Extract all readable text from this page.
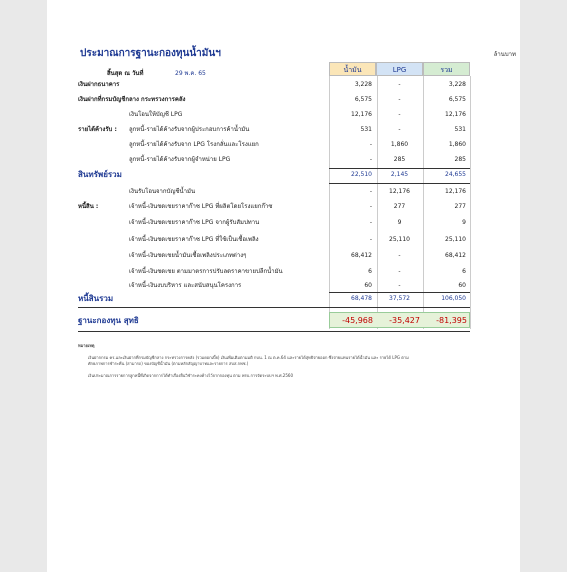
ประมาณการฐานะกองทุนน้ำมันฯ	ล้านบาท
สิ้นสุด ณ วันที่	29 พ.ค. 65	น้ำมัน	LPG	รวม
เงินฝากธนาคาร	3,228	-	3,228
เงินฝากที่กรมบัญชีกลาง กระทรวงการคลัง	6,575	-	6,575
เงินโอนให้บัญชี LPG	12,176	-	12,176
รายได้ค้างรับ : ลูกหนี้-รายได้ค้างรับจากผู้ประกอบการค้าน้ำมัน	531	-	531
ลูกหนี้-รายได้ค้างรับจาก LPG โรงกลั่นและโรงแยก	-	1,860	1,860
ลูกหนี้-รายได้ค้างรับจากผู้จำหน่าย LPG	-	285	285
สินทรัพย์รวม	22,510	2,145	24,655
เงินรับโอนจากบัญชีน้ำมัน	-	12,176	12,176
หนี้สิน :	เจ้าหนี้-เงินชดเชยราคาก๊าซ LPG ที่ผลิตโดยโรงแยกก๊าซ	-	277	277
เจ้าหนี้-เงินชดเชยราคาก๊าซ LPG จากผู้รับสัมปทาน	-	9	9
เจ้าหนี้-เงินชดเชยราคาก๊าซ LPG ที่ใช้เป็นเชื้อเพลิง	-	25,110	25,110
เจ้าหนี้-เงินชดเชยน้ำมันเชื้อเพลิงประเภทต่างๆ	68,412	-	68,412
เจ้าหนี้-เงินชดเชย ตามมาตรการปรับลดราคาขายปลีกน้ำมัน	6	-	6
เจ้าหนี้-เงินงบบริหาร และสนับสนุนโครงการ	60	-	60
หนี้สินรวม	68,478	37,572	106,050
ฐานะกองทุน สุทธิ	-45,968	-35,427	-81,395
หมายเหตุ
เงินฝากกรม คร.และเงินฝากที่กรมบัญชีกลาง กระทรวงการคลัง (รวมดอกเบี้ย) เงินเพิ่มเติมตามมติ กบน. 1 ณ ต.ค.64 และรายได้สุทธิจ่ายออก ซึ่งจ่ายแทนรายได้น้ำมัน และ รายได้ LPG ตาม
ศักยภาพการชำระคืน (สามารถ) ของบัญชีน้ำมัน (ตามหลักสัญญาบาทและรายการ สบส.กพช.)
เงินประมาณการรายการลูกหนี้ที่เกิดจากการได้ทำเรื่องยื่นวิชำระคงค้างไว้จากกองทุน ตาม พรบ.การจัดระบบฯ พ.ศ.2560
